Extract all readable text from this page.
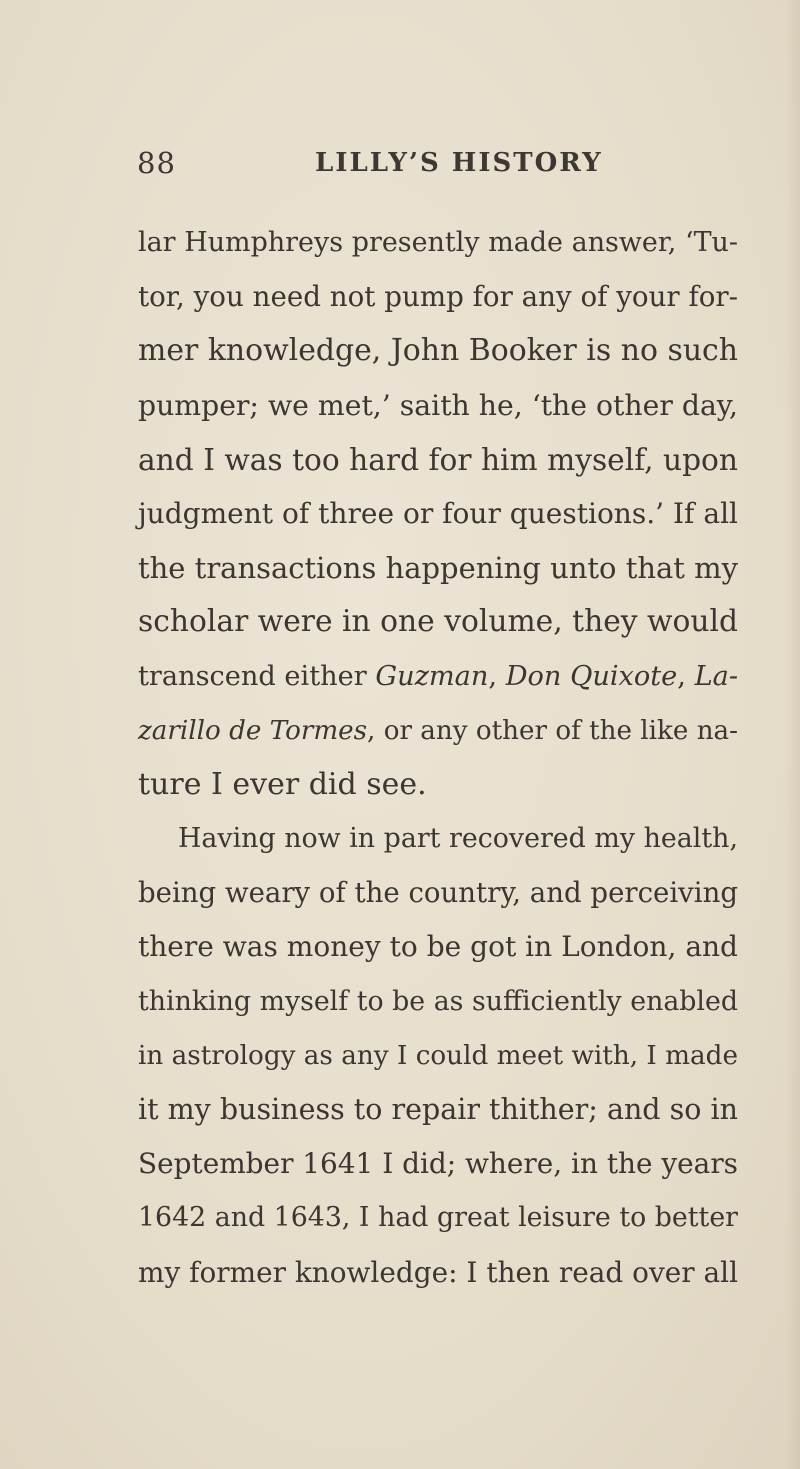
88	LILLY’S HISTORY
lar Humphreys presently made answer, ‘Tu-
tor, you need not pump for any of your for-
mer knowledge, John Booker is no such
pumper; we met,’ saith he, ‘the other day,
and I was too hard for him myself, upon
judgment of three or four questions.’ If all
the transactions happening unto that my
scholar were in one volume, they would
transcend either Guzman, Don Quixote, La-
zarillo de Tormes, or any other of the like na-
ture I ever did see.
Having now in part recovered my health,
being weary of the country, and perceiving
there was money to be got in London, and
thinking myself to be as sufficiently enabled
in astrology as any I could meet with, I made
it my business to repair thither; and so in
September 1641 I did; where, in the years
1642 and 1643, I had great leisure to better
my former knowledge: I then read over all
